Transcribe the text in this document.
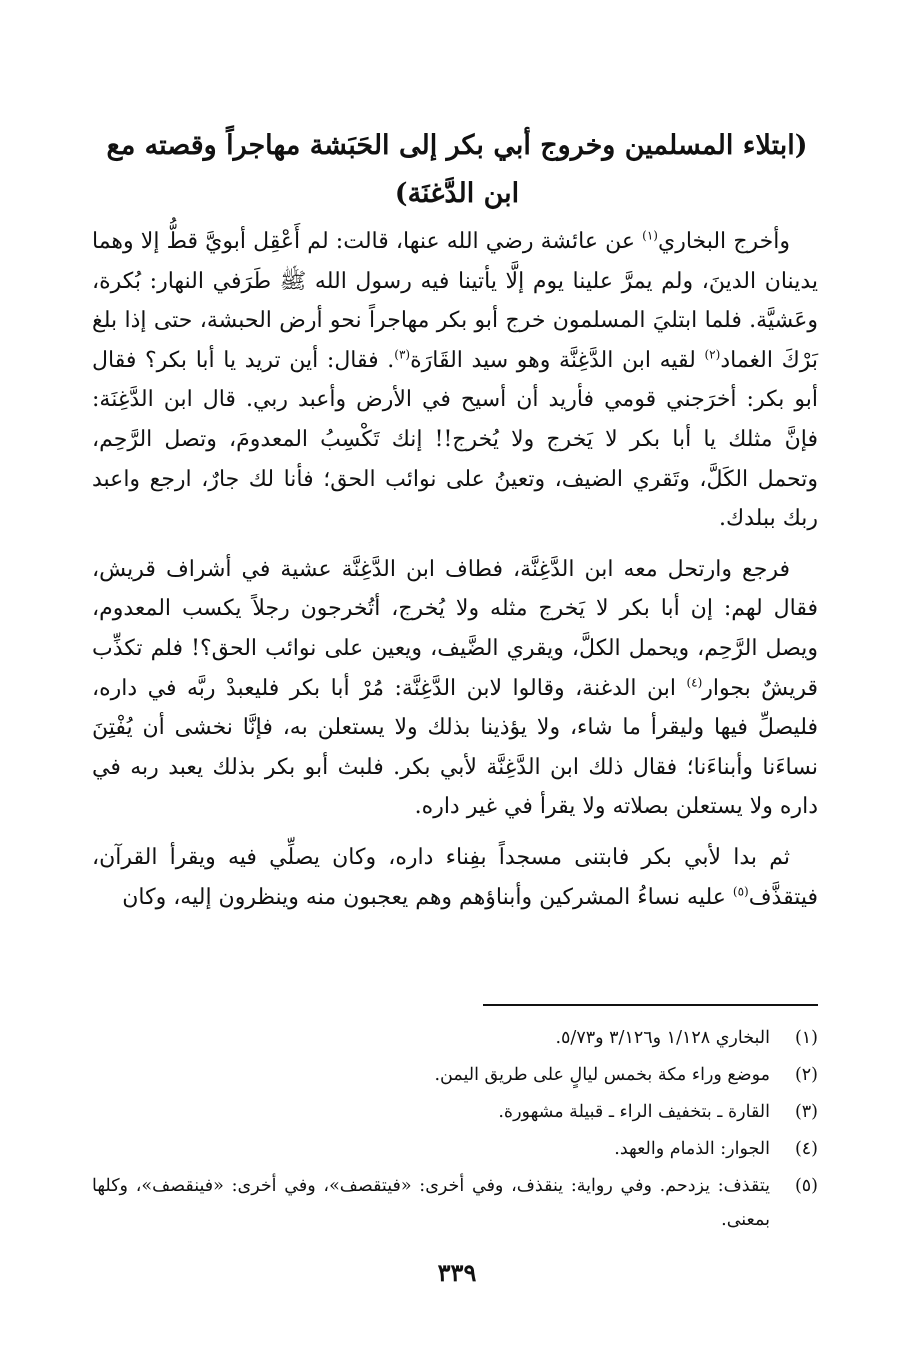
(ابتلاء المسلمين وخروج أبي بكر إلى الحَبَشة مهاجراً وقصته مع ابن الدَّغنَة)

وأخرج البخاري$^{(١)}$ عن عائشة رضي الله عنها، قالت: لم أَعْقِل أبويَّ قطُّ إلا وهما يدينان الدينَ، ولم يمرَّ علينا يوم إلَّا يأتينا فيه رسول الله ﷺ طَرَفي النهار: بُكرة، وعَشيَّة. فلما ابتليَ المسلمون خرج أبو بكر مهاجراً نحو أرض الحبشة، حتى إذا بلغ بَرْكَ الغماد$^{(٢)}$ لقيه ابن الدَّغِنَّة وهو سيد القَارَة$^{(٣)}$. فقال: أين تريد يا أبا بكر؟ فقال أبو بكر: أخرَجني قومي فأريد أن أسيح في الأرض وأعبد ربي. قال ابن الدَّغِنَة: فإنَّ مثلك يا أبا بكر لا يَخرج ولا يُخرج!! إنك تَكْسِبُ المعدومَ، وتصل الرَّحِم، وتحمل الكَلَّ، وتَقري الضيف، وتعينُ على نوائب الحق؛ فأنا لك جارٌ، ارجع واعبد ربك ببلدك.

فرجع وارتحل معه ابن الدَّغِنَّة، فطاف ابن الدَّغِنَّة عشية في أشراف قريش، فقال لهم: إن أبا بكر لا يَخرج مثله ولا يُخرج، أتُخرجون رجلاً يكسب المعدوم، ويصل الرَّحِم، ويحمل الكلَّ، ويقري الضَّيف، ويعين على نوائب الحق؟! فلم تكذِّب قريشٌ بجوار$^{(٤)}$ ابن الدغنة، وقالوا لابن الدَّغِنَّة: مُرْ أبا بكر فليعبدْ ربَّه في داره، فليصلِّ فيها وليقرأ ما شاء، ولا يؤذينا بذلك ولا يستعلن به، فإنَّا نخشى أن يُفْتِنَ نساءَنا وأبناءَنا؛ فقال ذلك ابن الدَّغِنَّة لأبي بكر. فلبث أبو بكر بذلك يعبد ربه في داره ولا يستعلن بصلاته ولا يقرأ في غير داره.

ثم بدا لأبي بكر فابتنى مسجداً بفِناء داره، وكان يصلِّي فيه ويقرأ القرآن، فيتقذَّف$^{(٥)}$ عليه نساءُ المشركين وأبناؤهم وهم يعجبون منه وينظرون إليه، وكان

(١)
البخاري ١/١٢٨ و٣/١٢٦ و٥/٧٣.
(٢)
موضع وراء مكة بخمس ليالٍ على طريق اليمن.
(٣)
القارة ـ بتخفيف الراء ـ قبيلة مشهورة.
(٤)
الجوار: الذمام والعهد.
(٥)
يتقذف: يزدحم. وفي رواية: ينقذف، وفي أخرى: «فيتقصف»، وفي أخرى: «فينقصف»، وكلها بمعنى.
٣٣٩
